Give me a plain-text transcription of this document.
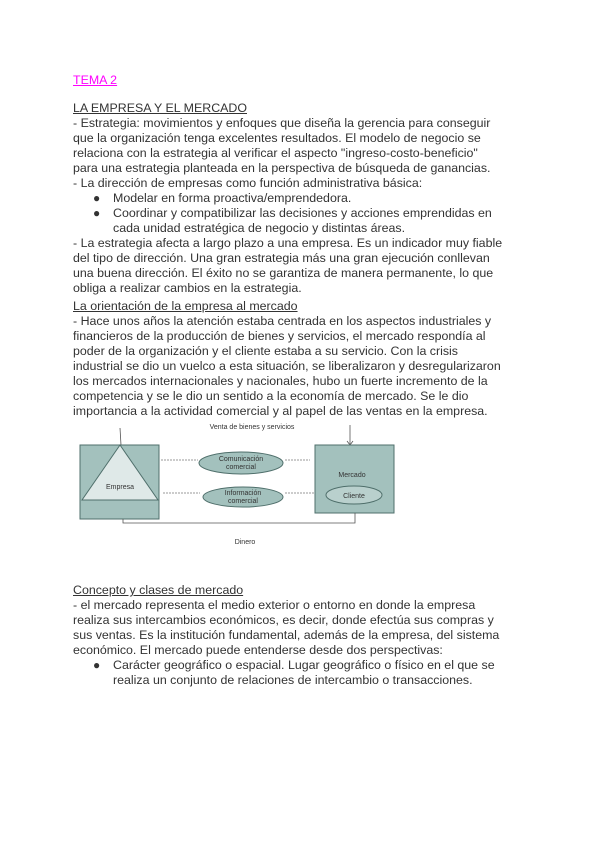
TEMA 2
LA EMPRESA Y EL MERCADO
- Estrategia: movimientos y enfoques que diseña la gerencia para conseguir
que la organización tenga excelentes resultados. El modelo de negocio se
relaciona con la estrategia al verificar el aspecto "ingreso-costo-beneficio"
para una estrategia planteada en la perspectiva de búsqueda de ganancias.
- La dirección de empresas como función administrativa básica:
● Modelar en forma proactiva/emprendedora.
● Coordinar y compatibilizar las decisiones y acciones emprendidas en
cada unidad estratégica de negocio y distintas áreas.
- La estrategia afecta a largo plazo a una empresa. Es un indicador muy fiable
del tipo de dirección. Una gran estrategia más una gran ejecución conllevan
una buena dirección. El éxito no se garantiza de manera permanente, lo que
obliga a realizar cambios en la estrategia.
La orientación de la empresa al mercado
- Hace unos años la atención estaba centrada en los aspectos industriales y
financieros de la producción de bienes y servicios, el mercado respondía al
poder de la organización y el cliente estaba a su servicio. Con la crisis
industrial se dio un vuelco a esta situación, se liberalizaron y desregularizaron
los mercados internacionales y nacionales, hubo un fuerte incremento de la
competencia y se le dio un sentido a la economía de mercado. Se le dio
importancia a la actividad comercial y al papel de las ventas en la empresa.
Venta de bienes y servicios
Empresa
Mercado
Cliente
Comunicación
comercial
Información
comercial
Dinero
Concepto y clases de mercado
- el mercado representa el medio exterior o entorno en donde la empresa
realiza sus intercambios económicos, es decir, donde efectúa sus compras y
sus ventas. Es la institución fundamental, además de la empresa, del sistema
económico. El mercado puede entenderse desde dos perspectivas:
● Carácter geográfico o espacial. Lugar geográfico o físico en el que se
realiza un conjunto de relaciones de intercambio o transacciones.
